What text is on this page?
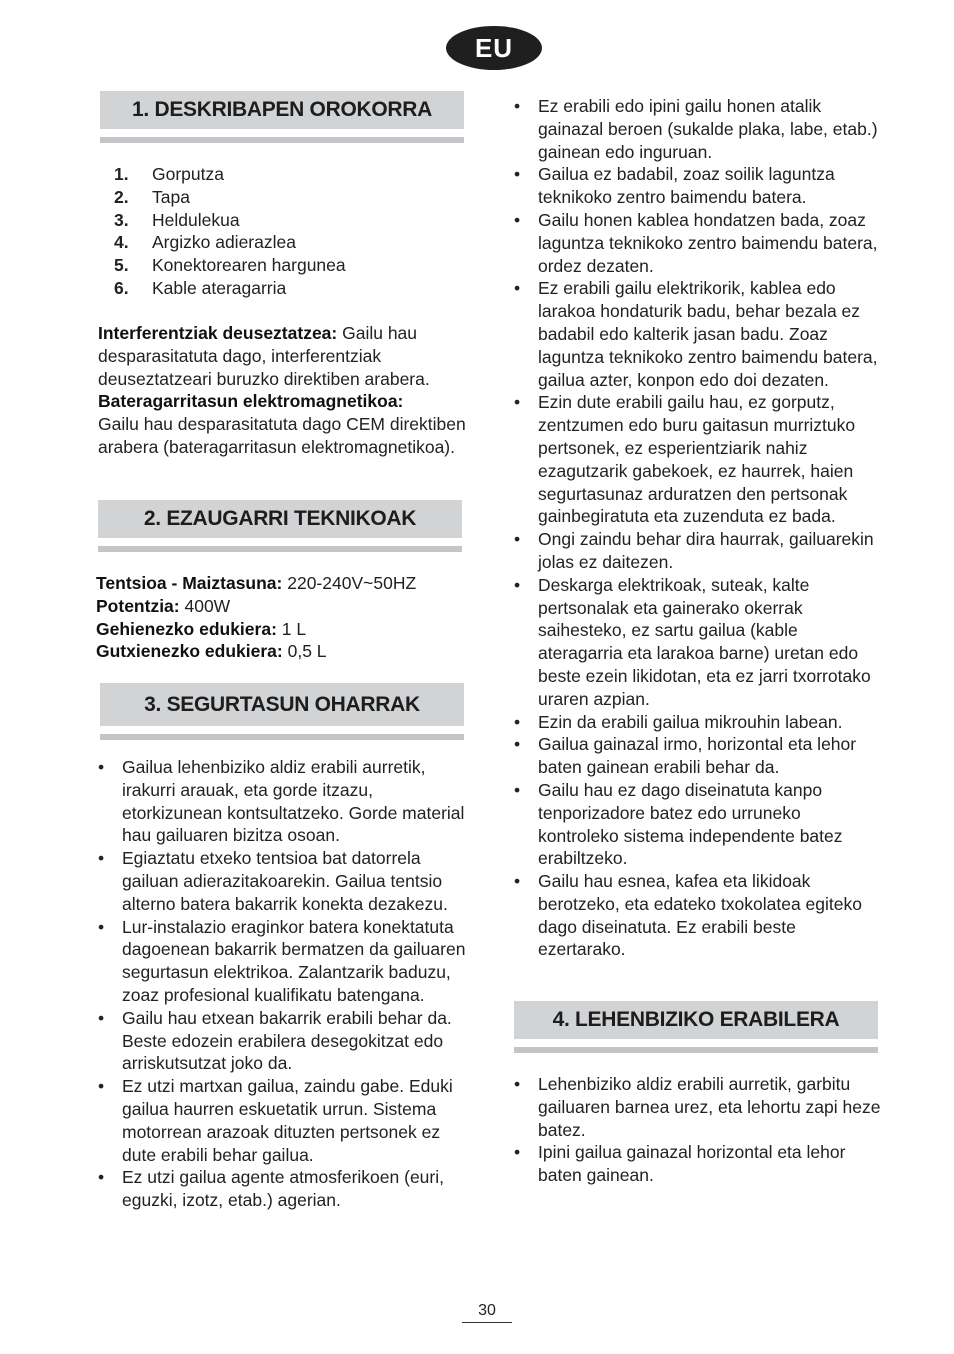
EU
1. DESKRIBAPEN OROKORRA
1.	Gorputza
2.	Tapa
3.	Heldulekua
4.	Argizko adierazlea
5.	Konektorearen hargunea
6.	Kable ateragarria
Interferentziak deuseztatzea: Gailu hau desparasitatuta dago, interferentziak deuseztatzeari buruzko direktiben arabera.
Bateragarritasun elektromagnetikoa:
Gailu hau desparasitatuta dago CEM direktiben arabera (bateragarritasun elektromagnetikoa).
2. EZAUGARRI TEKNIKOAK
Tentsioa - Maiztasuna: 220-240V~50HZ
Potentzia: 400W
Gehienezko edukiera: 1 L
Gutxienezko edukiera: 0,5 L
3. SEGURTASUN OHARRAK
• Gailua lehenbiziko aldiz erabili aurretik, irakurri arauak, eta gorde itzazu, etorkizunean kontsultatzeko. Gorde material hau gailuaren bizitza osoan.
• Egiaztatu etxeko tentsioa bat datorrela gailuan adierazitakoarekin. Gailua tentsio alterno batera bakarrik konekta dezakezu.
• Lur-instalazio eraginkor batera konektatuta dagoenean bakarrik bermatzen da gailuaren segurtasun elektrikoa. Zalantzarik baduzu, zoaz profesional kualifikatu batengana.
• Gailu hau etxean bakarrik erabili behar da. Beste edozein erabilera desegokitzat edo arriskutsutzat joko da.
• Ez utzi martxan gailua, zaindu gabe. Eduki gailua haurren eskuetatik urrun. Sistema motorrean arazoak dituzten pertsonek ez dute erabili behar gailua.
• Ez utzi gailua agente atmosferikoen (euri, eguzki, izotz, etab.) agerian.
• Ez erabili edo ipini gailu honen atalik gainazal beroen (sukalde plaka, labe, etab.) gainean edo inguruan.
• Gailua ez badabil, zoaz soilik laguntza teknikoko zentro baimendu batera.
• Gailu honen kablea hondatzen bada, zoaz laguntza teknikoko zentro baimendu batera, ordez dezaten.
• Ez erabili gailu elektrikorik, kablea edo larakoa hondaturik badu, behar bezala ez badabil edo kalterik jasan badu. Zoaz laguntza teknikoko zentro baimendu batera, gailua azter, konpon edo doi dezaten.
• Ezin dute erabili gailu hau, ez gorputz, zentzumen edo buru gaitasun murriztuko pertsonek, ez esperientziarik nahiz ezagutzarik gabekoek, ez haurrek, haien segurtasunaz arduratzen den pertsonak gainbegiratuta eta zuzenduta ez bada.
• Ongi zaindu behar dira haurrak, gailuarekin jolas ez daitezen.
• Deskarga elektrikoak, suteak, kalte pertsonalak eta gainerako okerrak saihesteko, ez sartu gailua (kable ateragarria eta larakoa barne) uretan edo beste ezein likidotan, eta ez jarri txorrotako uraren azpian.
• Ezin da erabili gailua mikrouhin labean.
• Gailua gainazal irmo, horizontal eta lehor baten gainean erabili behar da.
• Gailu hau ez dago diseinatuta kanpo tenporizadore batez edo urruneko kontroleko sistema independente batez erabiltzeko.
• Gailu hau esnea, kafea eta likidoak berotzeko, eta edateko txokolatea egiteko dago diseinatuta. Ez erabili beste ezertarako.
4. LEHENBIZIKO ERABILERA
• Lehenbiziko aldiz erabili aurretik, garbitu gailuaren barnea urez, eta lehortu zapi heze batez.
• Ipini gailua gainazal horizontal eta lehor baten gainean.
30
